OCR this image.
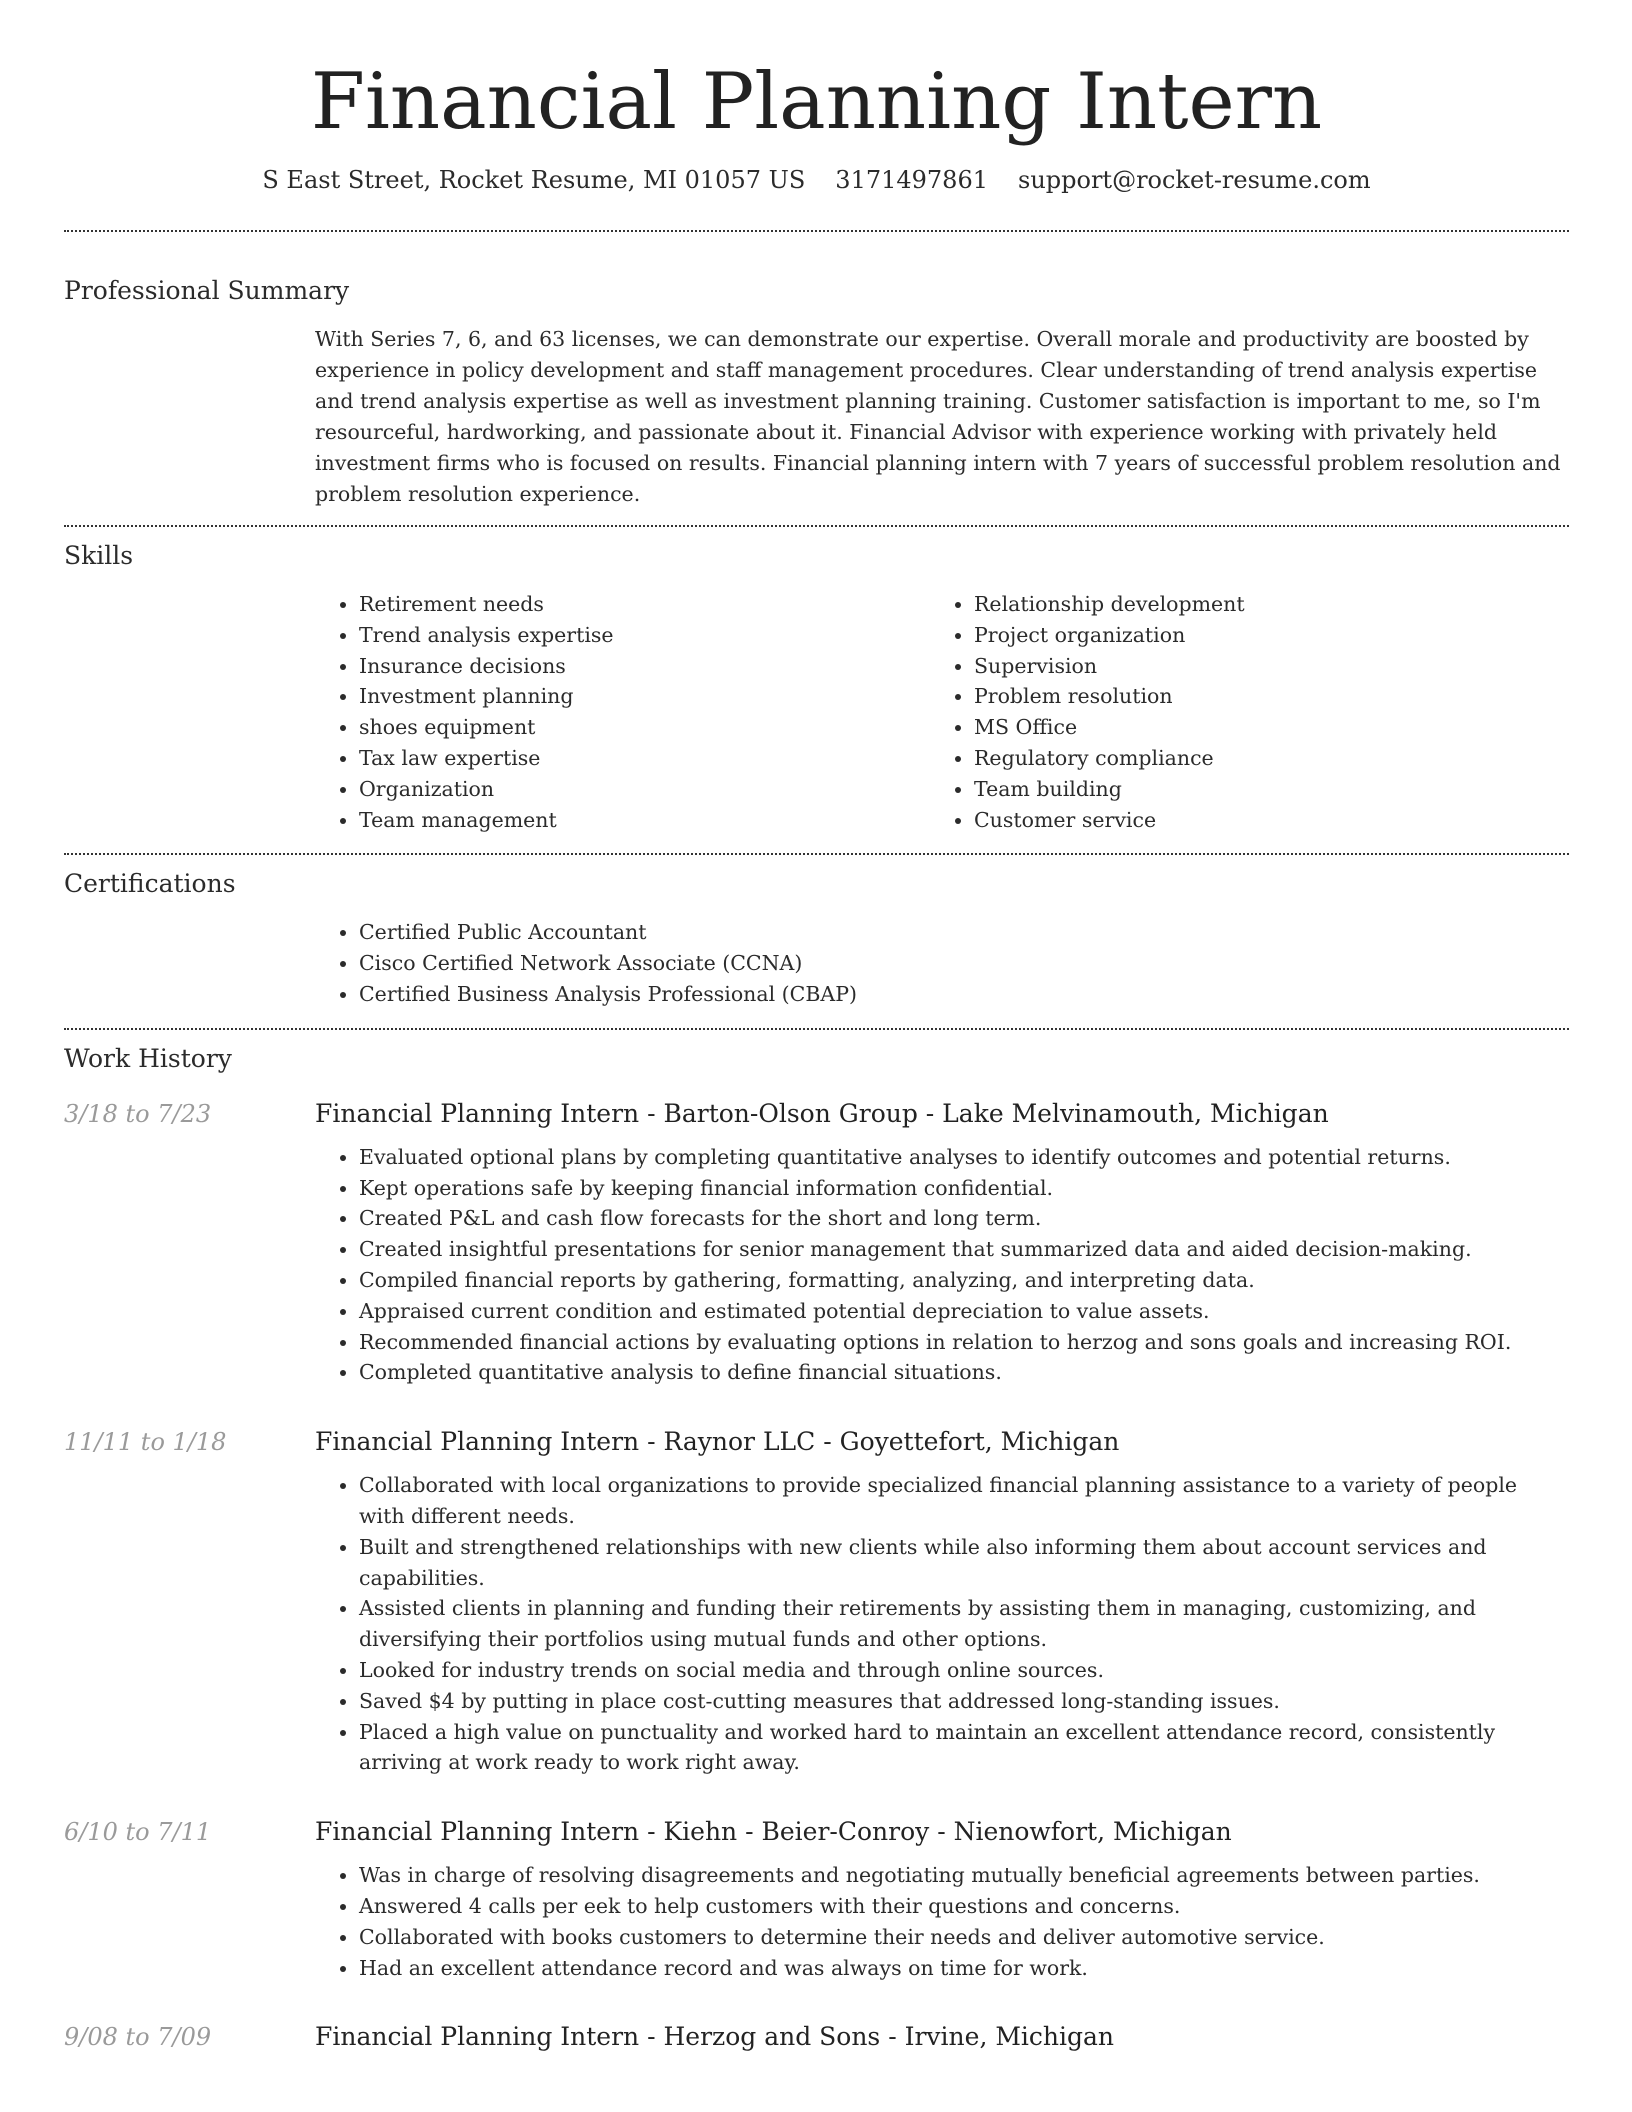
Financial Planning Intern
S East Street, Rocket Resume, MI 01057 US 3171497861 support@rocket-resume.com
Professional Summary

With Series 7, 6, and 63 licenses, we can demonstrate our expertise. Overall morale and productivity are boosted by experience in policy development and staff management procedures. Clear understanding of trend analysis expertise and trend analysis expertise as well as investment planning training. Customer satisfaction is important to me, so I'm resourceful, hardworking, and passionate about it. Financial Advisor with experience working with privately held investment firms who is focused on results. Financial planning intern with 7 years of successful problem resolution and problem resolution experience.

Skills
• Retirement needs
• Trend analysis expertise
• Insurance decisions
• Investment planning
• shoes equipment
• Tax law expertise
• Organization
• Team management
• Relationship development
• Project organization
• Supervision
• Problem resolution
• MS Office
• Regulatory compliance
• Team building
• Customer service
Certifications
• Certified Public Accountant
• Cisco Certified Network Associate (CCNA)
• Certified Business Analysis Professional (CBAP)
Work History
3/18 to 7/23	Financial Planning Intern - Barton-Olson Group - Lake Melvinamouth, Michigan
• Evaluated optional plans by completing quantitative analyses to identify outcomes and potential returns.
• Kept operations safe by keeping financial information confidential.
• Created P&L and cash flow forecasts for the short and long term.
• Created insightful presentations for senior management that summarized data and aided decision-making.
• Compiled financial reports by gathering, formatting, analyzing, and interpreting data.
• Appraised current condition and estimated potential depreciation to value assets.
• Recommended financial actions by evaluating options in relation to herzog and sons goals and increasing ROI.
• Completed quantitative analysis to define financial situations.
11/11 to 1/18	Financial Planning Intern - Raynor LLC - Goyettefort, Michigan
• Collaborated with local organizations to provide specialized financial planning assistance to a variety of people with different needs.
• Built and strengthened relationships with new clients while also informing them about account services and capabilities.
• Assisted clients in planning and funding their retirements by assisting them in managing, customizing, and diversifying their portfolios using mutual funds and other options.
• Looked for industry trends on social media and through online sources.
• Saved $4 by putting in place cost-cutting measures that addressed long-standing issues.
• Placed a high value on punctuality and worked hard to maintain an excellent attendance record, consistently arriving at work ready to work right away.
6/10 to 7/11	Financial Planning Intern - Kiehn - Beier-Conroy - Nienowfort, Michigan
• Was in charge of resolving disagreements and negotiating mutually beneficial agreements between parties.
• Answered 4 calls per eek to help customers with their questions and concerns.
• Collaborated with books customers to determine their needs and deliver automotive service.
• Had an excellent attendance record and was always on time for work.
9/08 to 7/09	Financial Planning Intern - Herzog and Sons - Irvine, Michigan
